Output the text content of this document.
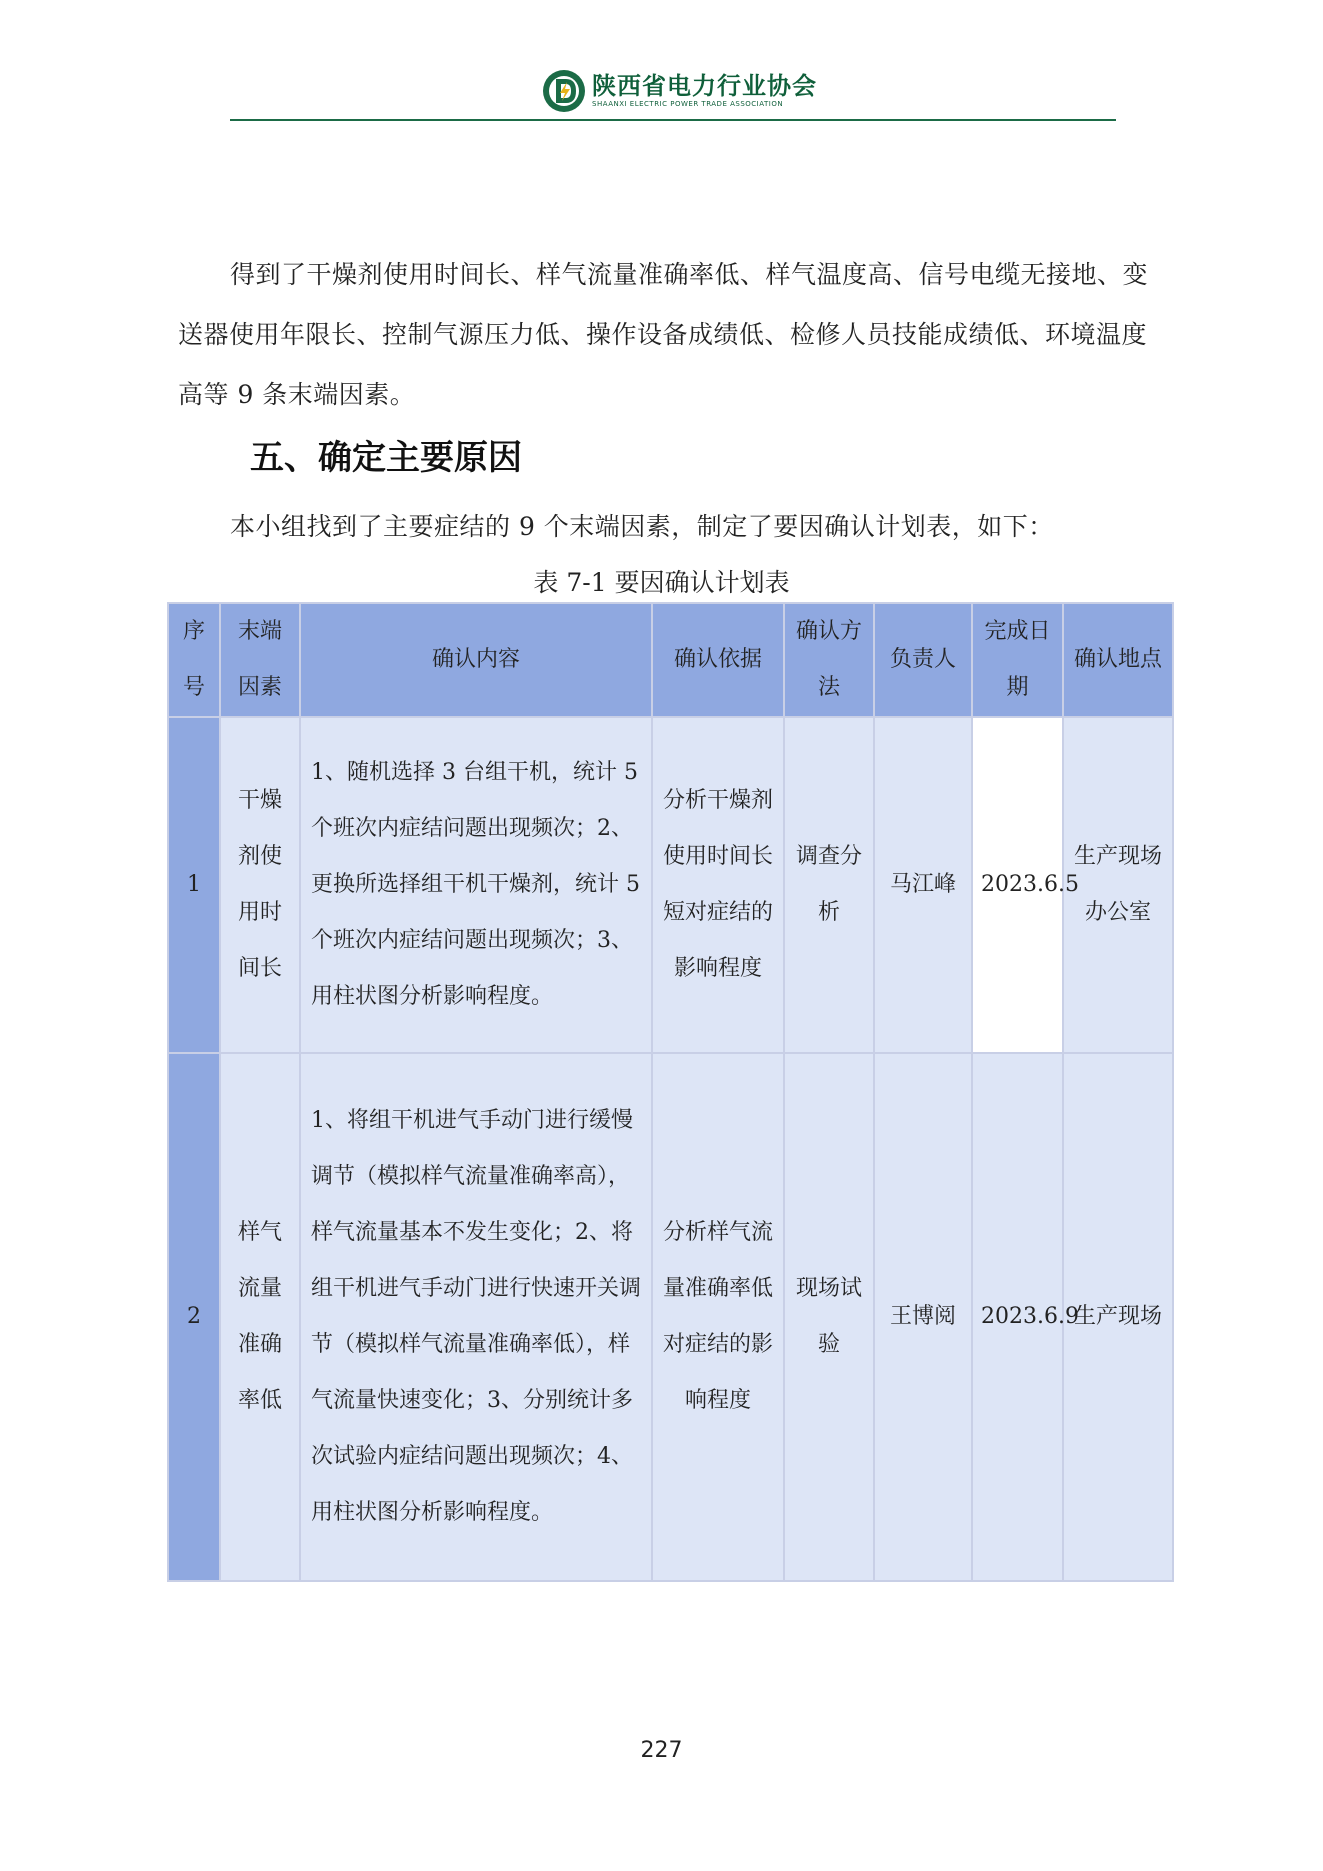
陕西省电力行业协会
SHAANXI ELECTRIC POWER TRADE ASSOCIATION
得到了干燥剂使用时间长、样气流量准确率低、样气温度高、信号电缆无接地、变送器使用年限长、控制气源压力低、操作设备成绩低、检修人员技能成绩低、环境温度高等 9 条末端因素。
五、确定主要原因
本小组找到了主要症结的 9 个末端因素，制定了要因确认计划表，如下：
表 7-1 要因确认计划表
序号	末端因素	确认内容	确认依据	确认方法	负责人	完成日期	确认地点
1	干燥剂使用时间长	1、随机选择 3 台组干机，统计 5 个班次内症结问题出现频次；2、更换所选择组干机干燥剂，统计 5 个班次内症结问题出现频次；3、用柱状图分析影响程度。	分析干燥剂使用时间长短对症结的影响程度	调查分析	马江峰	2023.6.5	生产现场办公室
2	样气流量准确率低	1、将组干机进气手动门进行缓慢调节（模拟样气流量准确率高），样气流量基本不发生变化；2、将组干机进气手动门进行快速开关调节（模拟样气流量准确率低），样气流量快速变化；3、分别统计多次试验内症结问题出现频次；4、用柱状图分析影响程度。	分析样气流量准确率低对症结的影响程度	现场试验	王博阅	2023.6.9	生产现场
227
